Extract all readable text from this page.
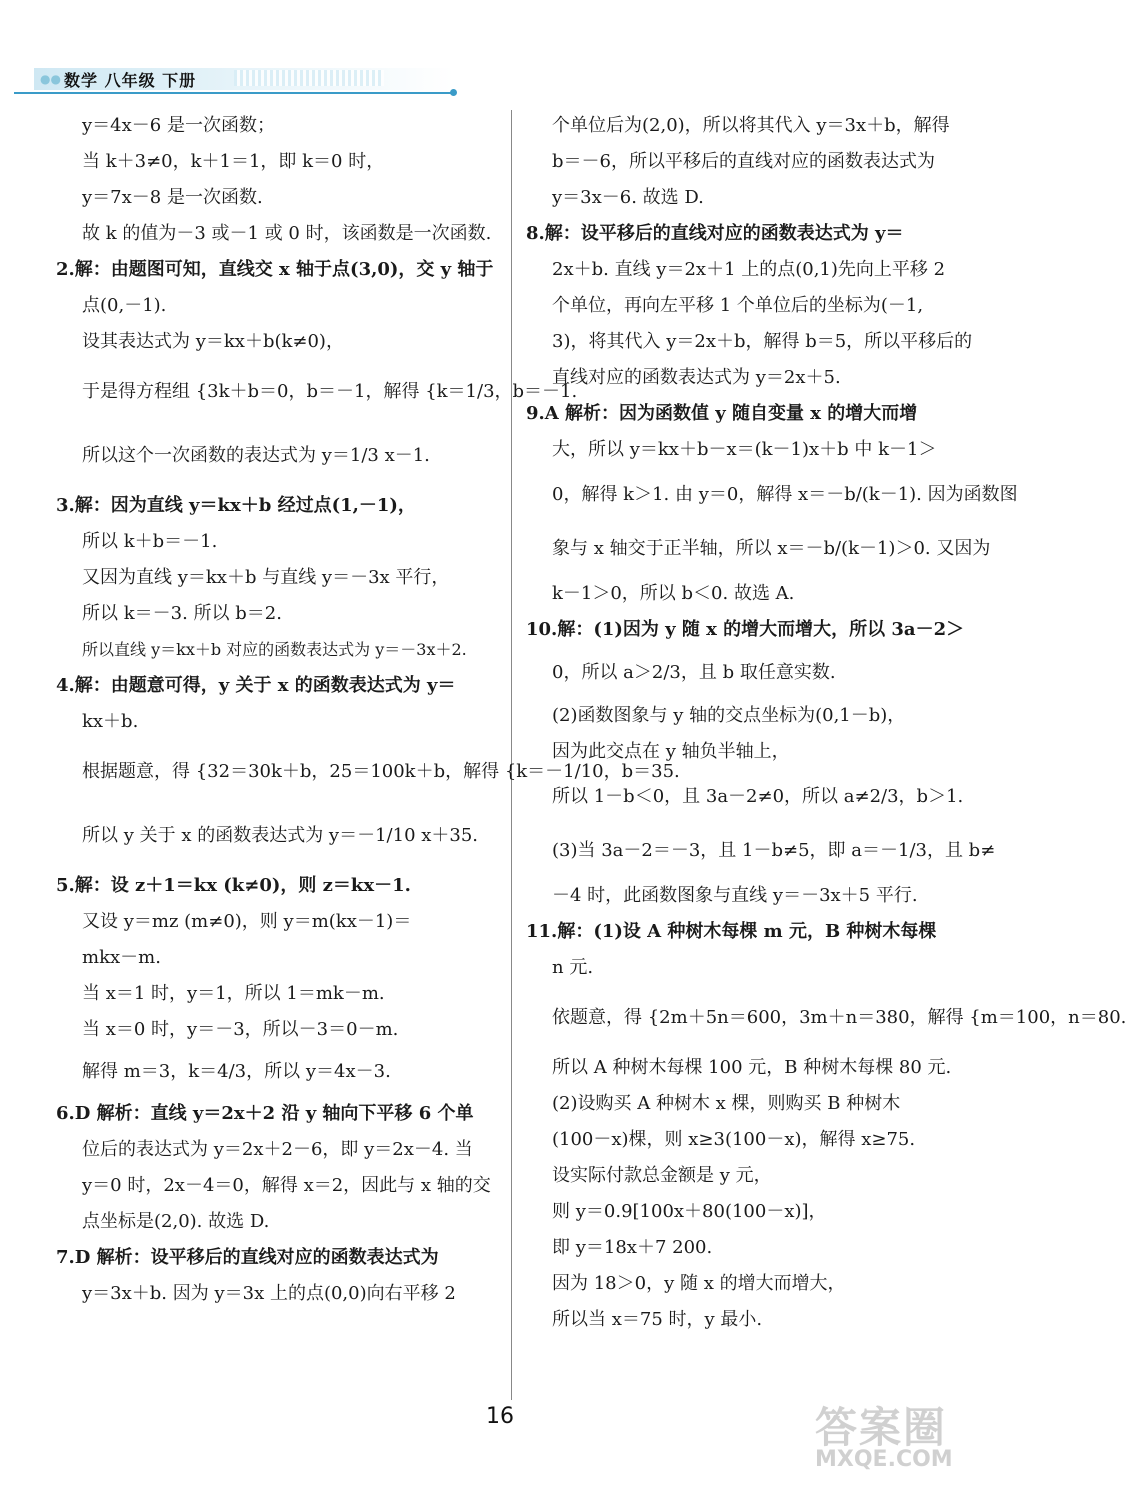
●● 数学 八年级 下册
y＝4x－6 是一次函数；
当 k＋3≠0，k＋1＝1，即 k＝0 时，
y＝7x－8 是一次函数.
故 k 的值为－3 或－1 或 0 时，该函数是一次函数.
2.解：由题图可知，直线交 x 轴于点(3,0)，交 y 轴于
点(0,－1).
设其表达式为 y＝kx＋b(k≠0)，
于是得方程组 {3k＋b＝0，b＝－1，解得 {k＝1/3，b＝－1.
所以这个一次函数的表达式为 y＝1/3 x－1.
3.解：因为直线 y＝kx＋b 经过点(1,－1)，
所以 k＋b＝－1.
又因为直线 y＝kx＋b 与直线 y＝－3x 平行，
所以 k＝－3. 所以 b＝2.
所以直线 y＝kx＋b 对应的函数表达式为 y＝－3x＋2.
4.解：由题意可得，y 关于 x 的函数表达式为 y＝
kx＋b.
根据题意，得 {32＝30k＋b，25＝100k＋b，解得 {k＝－1/10，b＝35.
所以 y 关于 x 的函数表达式为 y＝－1/10 x＋35.
5.解：设 z＋1＝kx (k≠0)，则 z＝kx－1.
又设 y＝mz (m≠0)，则 y＝m(kx－1)＝
mkx－m.
当 x＝1 时，y＝1，所以 1＝mk－m.
当 x＝0 时，y＝－3，所以－3＝0－m.
解得 m＝3，k＝4/3，所以 y＝4x－3.
6.D 解析：直线 y＝2x＋2 沿 y 轴向下平移 6 个单
位后的表达式为 y＝2x＋2－6，即 y＝2x－4. 当
y＝0 时，2x－4＝0，解得 x＝2，因此与 x 轴的交
点坐标是(2,0). 故选 D.
7.D 解析：设平移后的直线对应的函数表达式为
y＝3x＋b. 因为 y＝3x 上的点(0,0)向右平移 2
个单位后为(2,0)，所以将其代入 y＝3x＋b，解得
b＝－6，所以平移后的直线对应的函数表达式为
y＝3x－6. 故选 D.
8.解：设平移后的直线对应的函数表达式为 y＝
2x＋b. 直线 y＝2x＋1 上的点(0,1)先向上平移 2
个单位，再向左平移 1 个单位后的坐标为(－1,
3)，将其代入 y＝2x＋b，解得 b＝5，所以平移后的
直线对应的函数表达式为 y＝2x＋5.
9.A 解析：因为函数值 y 随自变量 x 的增大而增
大，所以 y＝kx＋b－x＝(k－1)x＋b 中 k－1＞
0，解得 k＞1. 由 y＝0，解得 x＝－b/(k－1). 因为函数图
象与 x 轴交于正半轴，所以 x＝－b/(k－1)＞0. 又因为
k－1＞0，所以 b＜0. 故选 A.
10.解：(1)因为 y 随 x 的增大而增大，所以 3a－2＞
0，所以 a＞2/3，且 b 取任意实数.
(2)函数图象与 y 轴的交点坐标为(0,1－b)，
因为此交点在 y 轴负半轴上，
所以 1－b＜0，且 3a－2≠0，所以 a≠2/3，b＞1.
(3)当 3a－2＝－3，且 1－b≠5，即 a＝－1/3，且 b≠
－4 时，此函数图象与直线 y＝－3x＋5 平行.
11.解：(1)设 A 种树木每棵 m 元，B 种树木每棵
n 元.
依题意，得 {2m＋5n＝600，3m＋n＝380，解得 {m＝100，n＝80.
所以 A 种树木每棵 100 元，B 种树木每棵 80 元.
(2)设购买 A 种树木 x 棵，则购买 B 种树木
(100－x)棵，则 x≥3(100－x)，解得 x≥75.
设实际付款总金额是 y 元，
则 y＝0.9[100x＋80(100－x)]，
即 y＝18x＋7 200.
因为 18＞0，y 随 x 的增大而增大，
所以当 x＝75 时，y 最小.
16	答案圈
MXQE.COM
